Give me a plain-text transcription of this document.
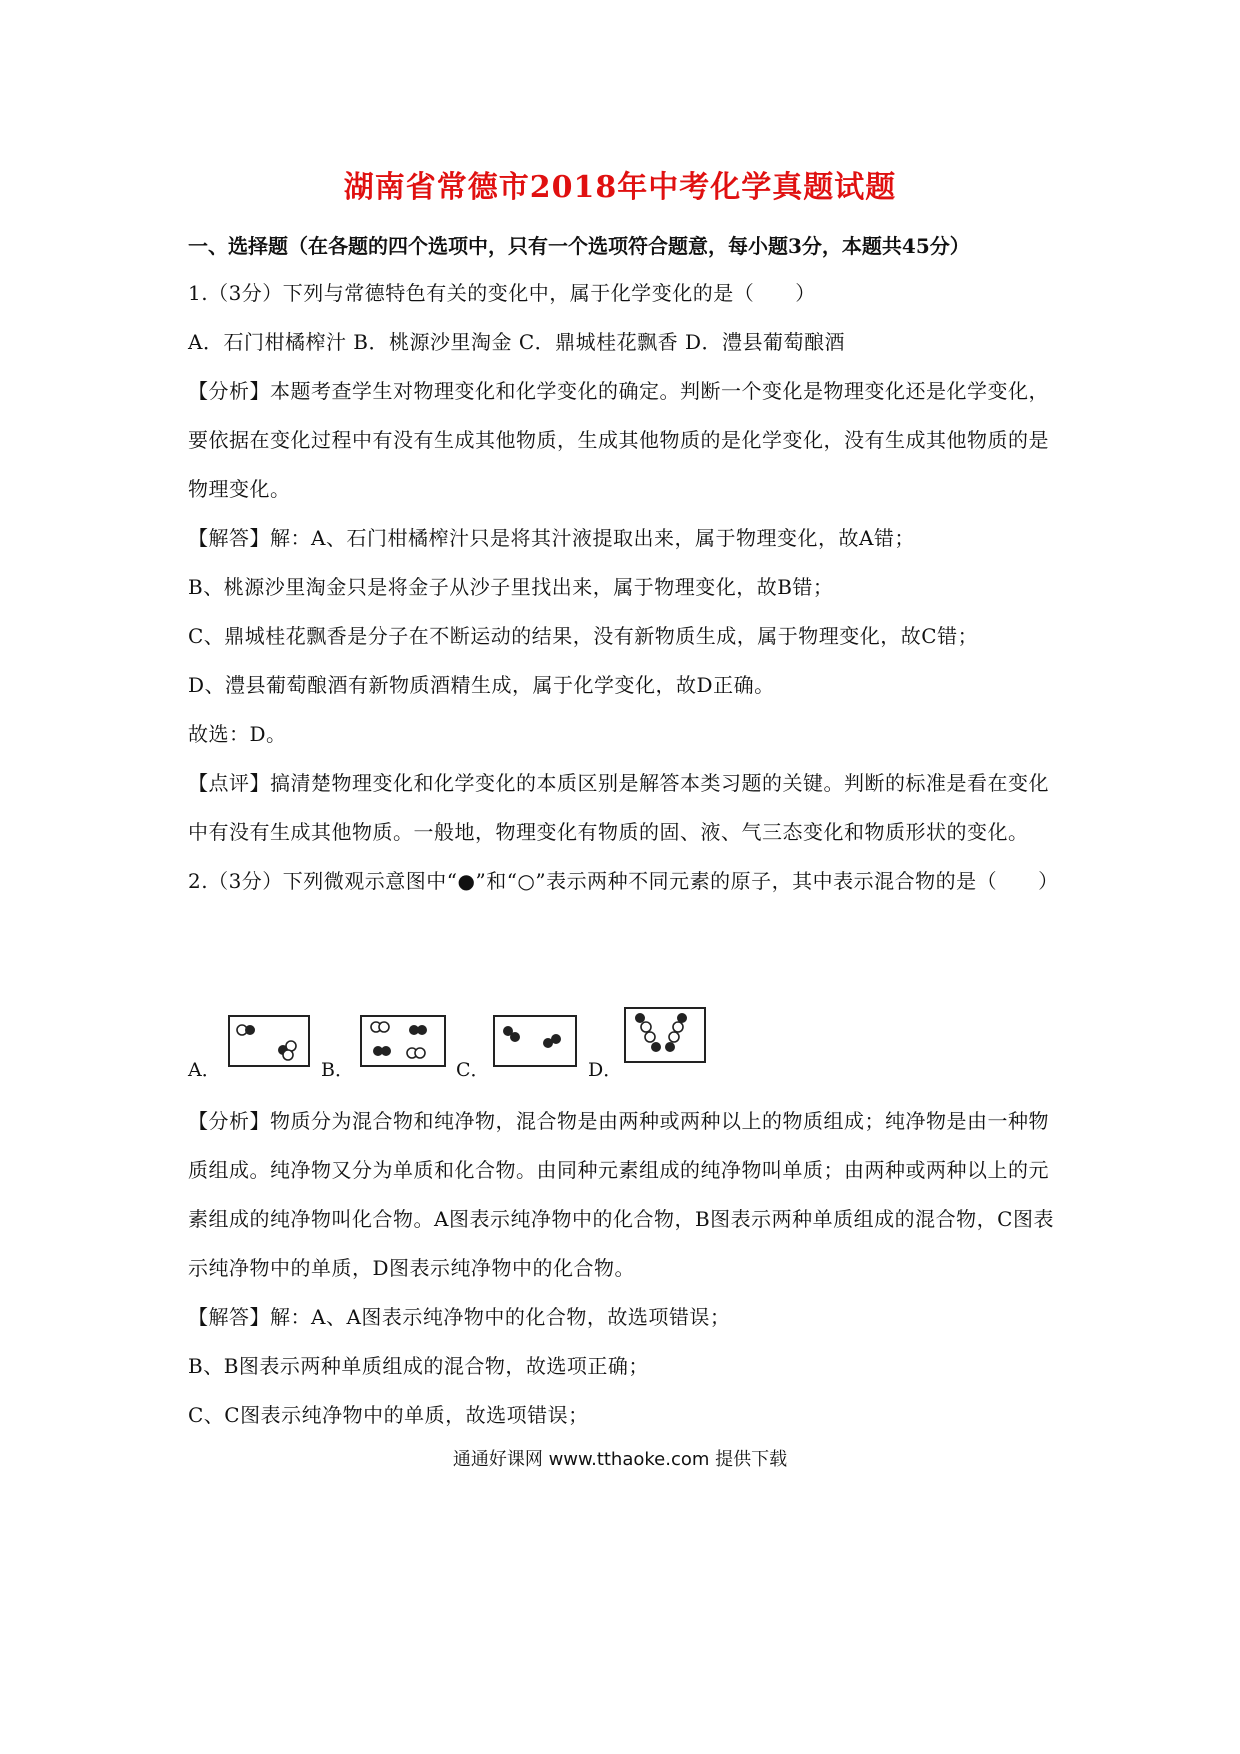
湖南省常德市2018年中考化学真题试题
一、选择题（在各题的四个选项中，只有一个选项符合题意，每小题3分，本题共45分）
1.（3分）下列与常德特色有关的变化中，属于化学变化的是（　　）
A．石门柑橘榨汁 B．桃源沙里淘金 C．鼎城桂花飘香 D．澧县葡萄酿酒
【分析】本题考查学生对物理变化和化学变化的确定。判断一个变化是物理变化还是化学变化，要依据在变化过程中有没有生成其他物质，生成其他物质的是化学变化，没有生成其他物质的是物理变化。
【解答】解：A、石门柑橘榨汁只是将其汁液提取出来，属于物理变化，故A错；
B、桃源沙里淘金只是将金子从沙子里找出来，属于物理变化，故B错；
C、鼎城桂花飘香是分子在不断运动的结果，没有新物质生成，属于物理变化，故C错；
D、澧县葡萄酿酒有新物质酒精生成，属于化学变化，故D正确。
故选：D。
【点评】搞清楚物理变化和化学变化的本质区别是解答本类习题的关键。判断的标准是看在变化中有没有生成其他物质。一般地，物理变化有物质的固、液、气三态变化和物质形状的变化。
2.（3分）下列微观示意图中“●”和“○”表示两种不同元素的原子，其中表示混合物的是（　　）
A．	B．	C．	D．
【分析】物质分为混合物和纯净物，混合物是由两种或两种以上的物质组成；纯净物是由一种物质组成。纯净物又分为单质和化合物。由同种元素组成的纯净物叫单质；由两种或两种以上的元素组成的纯净物叫化合物。A图表示纯净物中的化合物，B图表示两种单质组成的混合物，C图表示纯净物中的单质，D图表示纯净物中的化合物。
【解答】解：A、A图表示纯净物中的化合物，故选项错误；
B、B图表示两种单质组成的混合物，故选项正确；
C、C图表示纯净物中的单质，故选项错误；
通通好课网 www.tthaoke.com 提供下载
